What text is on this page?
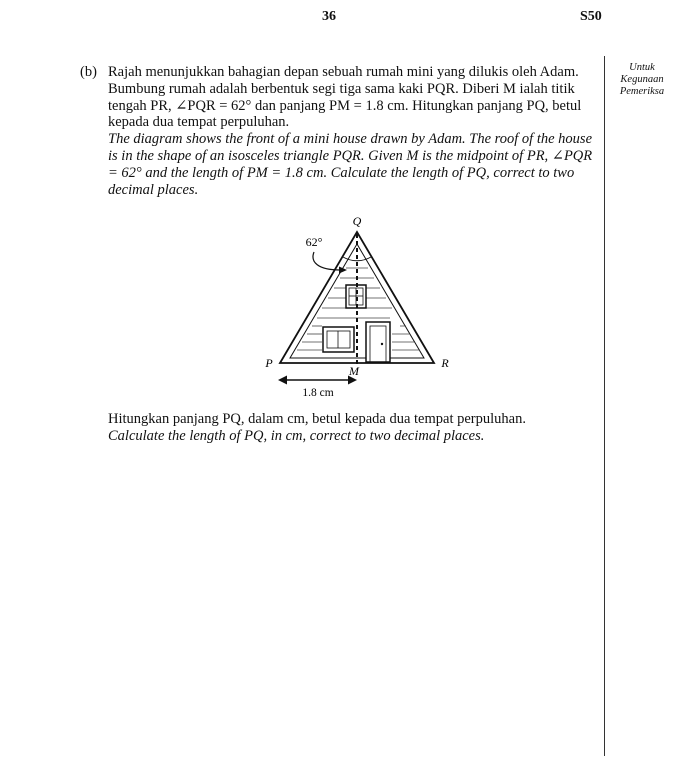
36	S50
Untuk
Kegunaan
Pemeriksa
(b) Rajah menunjukkan bahagian depan sebuah rumah mini yang dilukis oleh Adam. Bumbung rumah adalah berbentuk segi tiga sama kaki PQR. Diberi M ialah titik tengah PR, ∠PQR = 62° dan panjang PM = 1.8 cm. Hitungkan panjang PQ, betul kepada dua tempat perpuluhan.

The diagram shows the front of a mini house drawn by Adam. The roof of the house is in the shape of an isosceles triangle PQR. Given M is the midpoint of PR, ∠PQR = 62° and the length of PM = 1.8 cm. Calculate the length of PQ, correct to two decimal places.

Q
62°
P	R
M
1.8 cm

Hitungkan panjang PQ, dalam cm, betul kepada dua tempat perpuluhan.

Calculate the length of PQ, in cm, correct to two decimal places.
